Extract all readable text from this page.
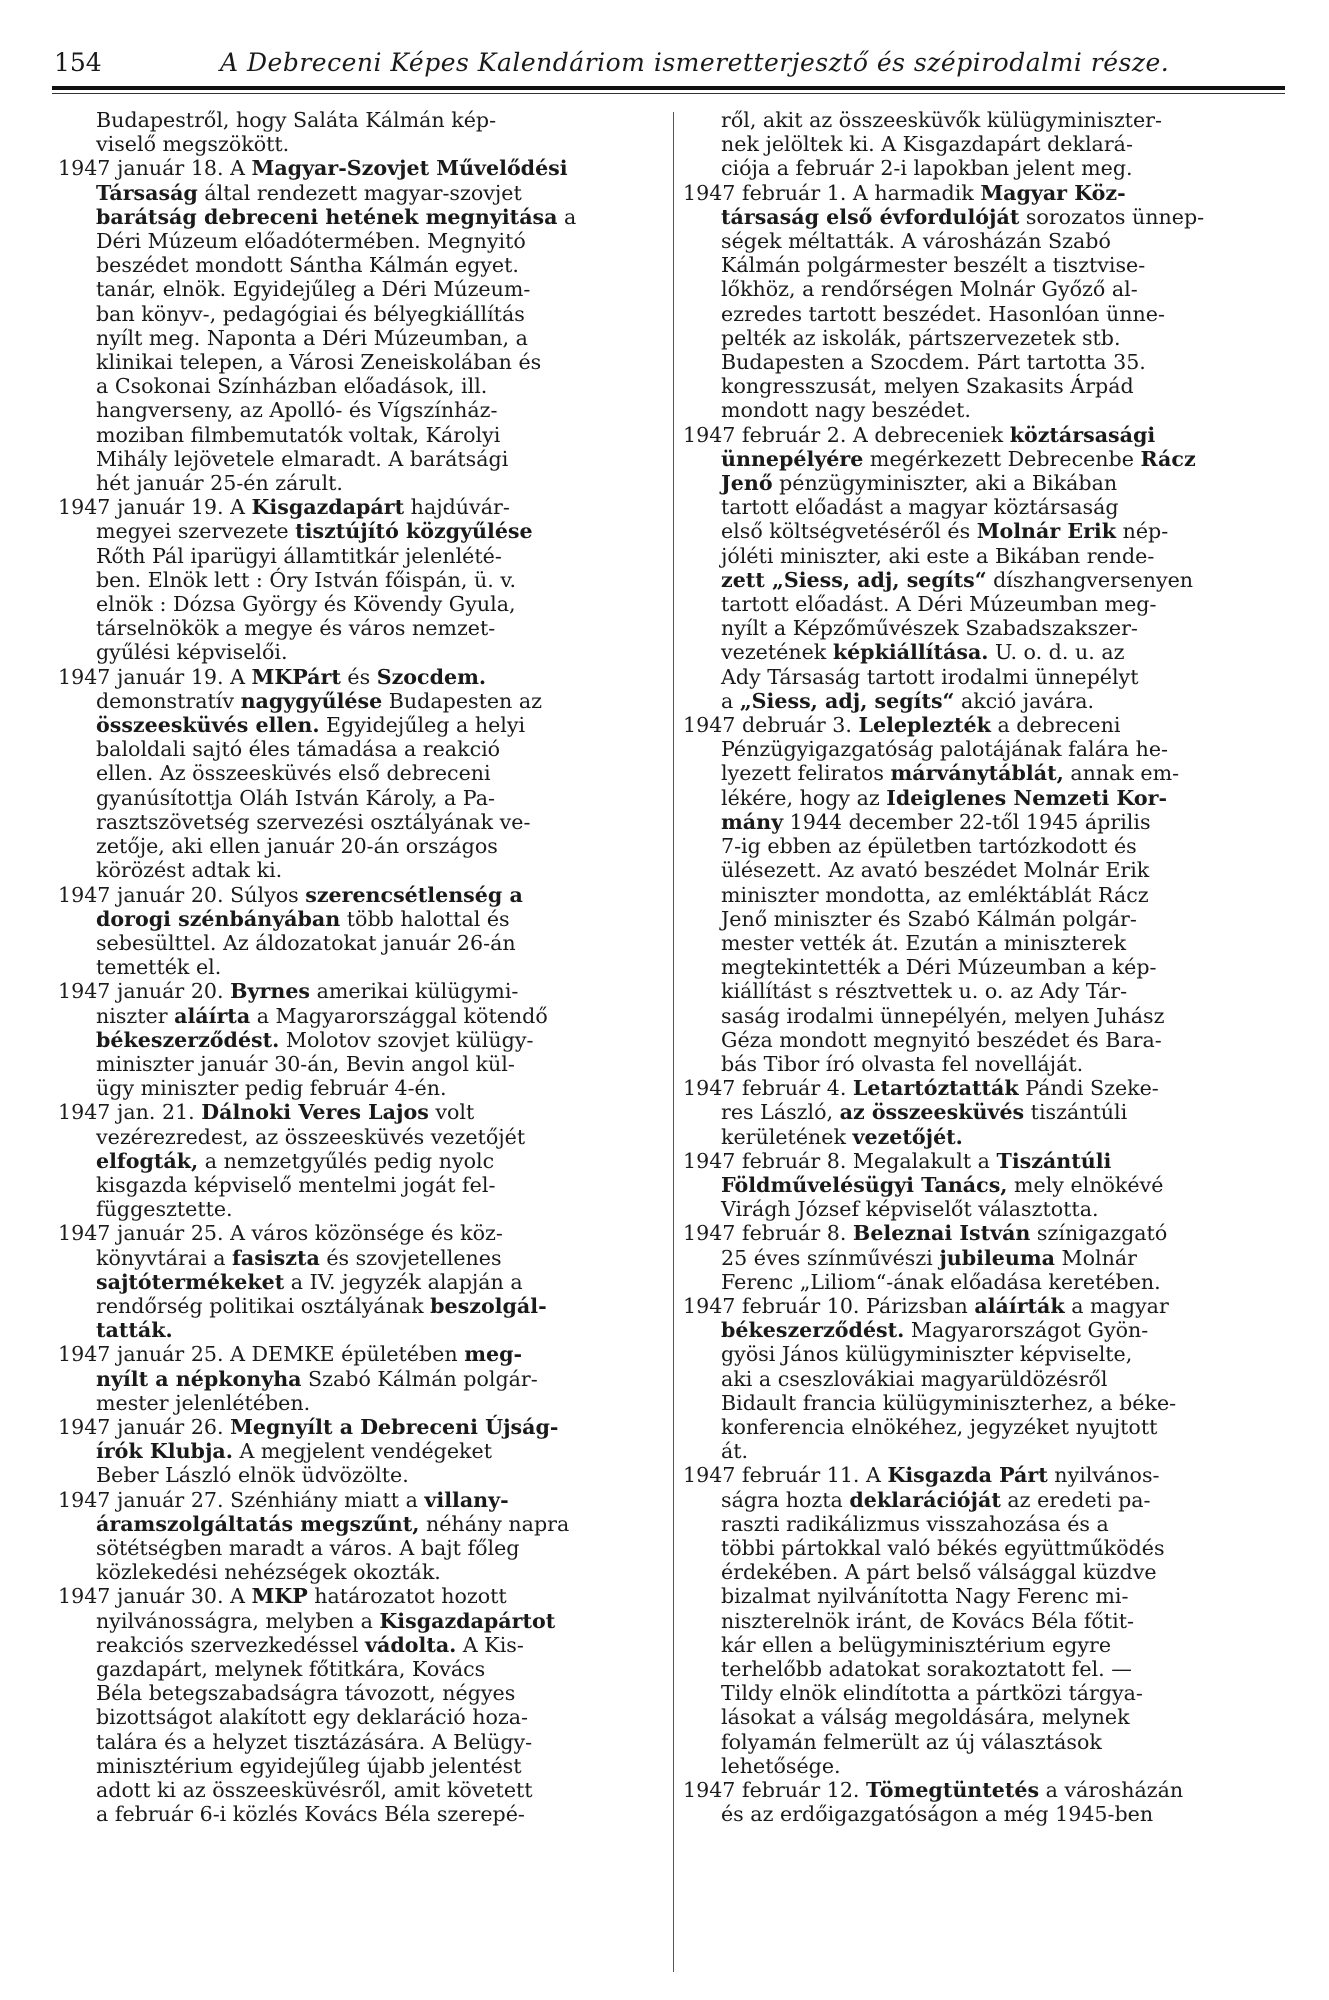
154	A Debreceni Képes Kalendáriom ismeretterjesztő és szépirodalmi része.
Budapestről, hogy Saláta Kálmán kép-
viselő megszökött.
1947 január 18. A Magyar-Szovjet Művelődési
Társaság által rendezett magyar-szovjet
barátság debreceni hetének megnyitása a
Déri Múzeum előadótermében. Megnyitó
beszédet mondott Sántha Kálmán egyet.
tanár, elnök. Egyidejűleg a Déri Múzeum-
ban könyv-, pedagógiai és bélyegkiállítás
nyílt meg. Naponta a Déri Múzeumban, a
klinikai telepen, a Városi Zeneiskolában és
a Csokonai Színházban előadások, ill.
hangverseny, az Apolló- és Vígszínház-
moziban filmbemutatók voltak, Károlyi
Mihály lejövetele elmaradt. A barátsági
hét január 25-én zárult.
1947 január 19. A Kisgazdapárt hajdúvár-
megyei szervezete tisztújító közgyűlése
Rőth Pál iparügyi államtitkár jelenlété-
ben. Elnök lett : Óry István főispán, ü. v.
elnök : Dózsa György és Kövendy Gyula,
társelnökök a megye és város nemzet-
gyűlési képviselői.
1947 január 19. A MKPárt és Szocdem.
demonstratív nagygyűlése Budapesten az
összeesküvés ellen. Egyidejűleg a helyi
baloldali sajtó éles támadása a reakció
ellen. Az összeesküvés első debreceni
gyanúsítottja Oláh István Károly, a Pa-
rasztszövetség szervezési osztályának ve-
zetője, aki ellen január 20-án országos
körözést adtak ki.
1947 január 20. Súlyos szerencsétlenség a
dorogi szénbányában több halottal és
sebesülttel. Az áldozatokat január 26-án
temették el.
1947 január 20. Byrnes amerikai külügymi-
niszter aláírta a Magyarországgal kötendő
békeszerződést. Molotov szovjet külügy-
miniszter január 30-án, Bevin angol kül-
ügy miniszter pedig február 4-én.
1947 jan. 21. Dálnoki Veres Lajos volt
vezérezredest, az összeesküvés vezetőjét
elfogták, a nemzetgyűlés pedig nyolc
kisgazda képviselő mentelmi jogát fel-
függesztette.
1947 január 25. A város közönsége és köz-
könyvtárai a fasiszta és szovjetellenes
sajtótermékeket a IV. jegyzék alapján a
rendőrség politikai osztályának beszolgál-
tatták.
1947 január 25. A DEMKE épületében meg-
nyílt a népkonyha Szabó Kálmán polgár-
mester jelenlétében.
1947 január 26. Megnyílt a Debreceni Újság-
írók Klubja. A megjelent vendégeket
Beber László elnök üdvözölte.
1947 január 27. Szénhiány miatt a villany-
áramszolgáltatás megszűnt, néhány napra
sötétségben maradt a város. A bajt főleg
közlekedési nehézségek okozták.
1947 január 30. A MKP határozatot hozott
nyilvánosságra, melyben a Kisgazdapártot
reakciós szervezkedéssel vádolta. A Kis-
gazdapárt, melynek főtitkára, Kovács
Béla betegszabadságra távozott, négyes
bizottságot alakított egy deklaráció hoza-
talára és a helyzet tisztázására. A Belügy-
minisztérium egyidejűleg újabb jelentést
adott ki az összeesküvésről, amit követett
a február 6-i közlés Kovács Béla szerepé-
ről, akit az összeesküvők külügyminiszter-
nek jelöltek ki. A Kisgazdapárt deklará-
ciója a február 2-i lapokban jelent meg.
1947 február 1. A harmadik Magyar Köz-
társaság első évfordulóját sorozatos ünnep-
ségek méltatták. A városházán Szabó
Kálmán polgármester beszélt a tisztvise-
lőkhöz, a rendőrségen Molnár Győző al-
ezredes tartott beszédet. Hasonlóan ünne-
pelték az iskolák, pártszervezetek stb.
Budapesten a Szocdem. Párt tartotta 35.
kongresszusát, melyen Szakasits Árpád
mondott nagy beszédet.
1947 február 2. A debreceniek köztársasági
ünnepélyére megérkezett Debrecenbe Rácz
Jenő pénzügyminiszter, aki a Bikában
tartott előadást a magyar köztársaság
első költségvetéséről és Molnár Erik nép-
jóléti miniszter, aki este a Bikában rende-
zett „Siess, adj, segíts“ díszhangversenyen
tartott előadást. A Déri Múzeumban meg-
nyílt a Képzőművészek Szabadszakszer-
vezetének képkiállítása. U. o. d. u. az
Ady Társaság tartott irodalmi ünnepélyt
a „Siess, adj, segíts“ akció javára.
1947 debruár 3. Leleplezték a debreceni
Pénzügyigazgatóság palotájának falára he-
lyezett feliratos márványtáblát, annak em-
lékére, hogy az Ideiglenes Nemzeti Kor-
mány 1944 december 22-től 1945 április
7-ig ebben az épületben tartózkodott és
ülésezett. Az avató beszédet Molnár Erik
miniszter mondotta, az emléktáblát Rácz
Jenő miniszter és Szabó Kálmán polgár-
mester vették át. Ezután a miniszterek
megtekintették a Déri Múzeumban a kép-
kiállítást s résztvettek u. o. az Ady Tár-
saság irodalmi ünnepélyén, melyen Juhász
Géza mondott megnyitó beszédet és Bara-
bás Tibor író olvasta fel novelláját.
1947 február 4. Letartóztatták Pándi Szeke-
res László, az összeesküvés tiszántúli
kerületének vezetőjét.
1947 február 8. Megalakult a Tiszántúli
Földművelésügyi Tanács, mely elnökévé
Virágh József képviselőt választotta.
1947 február 8. Beleznai István színigazgató
25 éves színművészi jubileuma Molnár
Ferenc „Liliom“-ának előadása keretében.
1947 február 10. Párizsban aláírták a magyar
békeszerződést. Magyarországot Gyön-
gyösi János külügyminiszter képviselte,
aki a cseszlovákiai magyarüldözésről
Bidault francia külügyminiszterhez, a béke-
konferencia elnökéhez, jegyzéket nyujtott
át.
1947 február 11. A Kisgazda Párt nyilvános-
ságra hozta deklarációját az eredeti pa-
raszti radikálizmus visszahozása és a
többi pártokkal való békés együttműködés
érdekében. A párt belső válsággal küzdve
bizalmat nyilvánította Nagy Ferenc mi-
niszterelnök iránt, de Kovács Béla főtit-
kár ellen a belügyminisztérium egyre
terhelőbb adatokat sorakoztatott fel. —
Tildy elnök elindította a pártközi tárgya-
lásokat a válság megoldására, melynek
folyamán felmerült az új választások
lehetősége.
1947 február 12. Tömegtüntetés a városházán
és az erdőigazgatóságon a még 1945-ben
